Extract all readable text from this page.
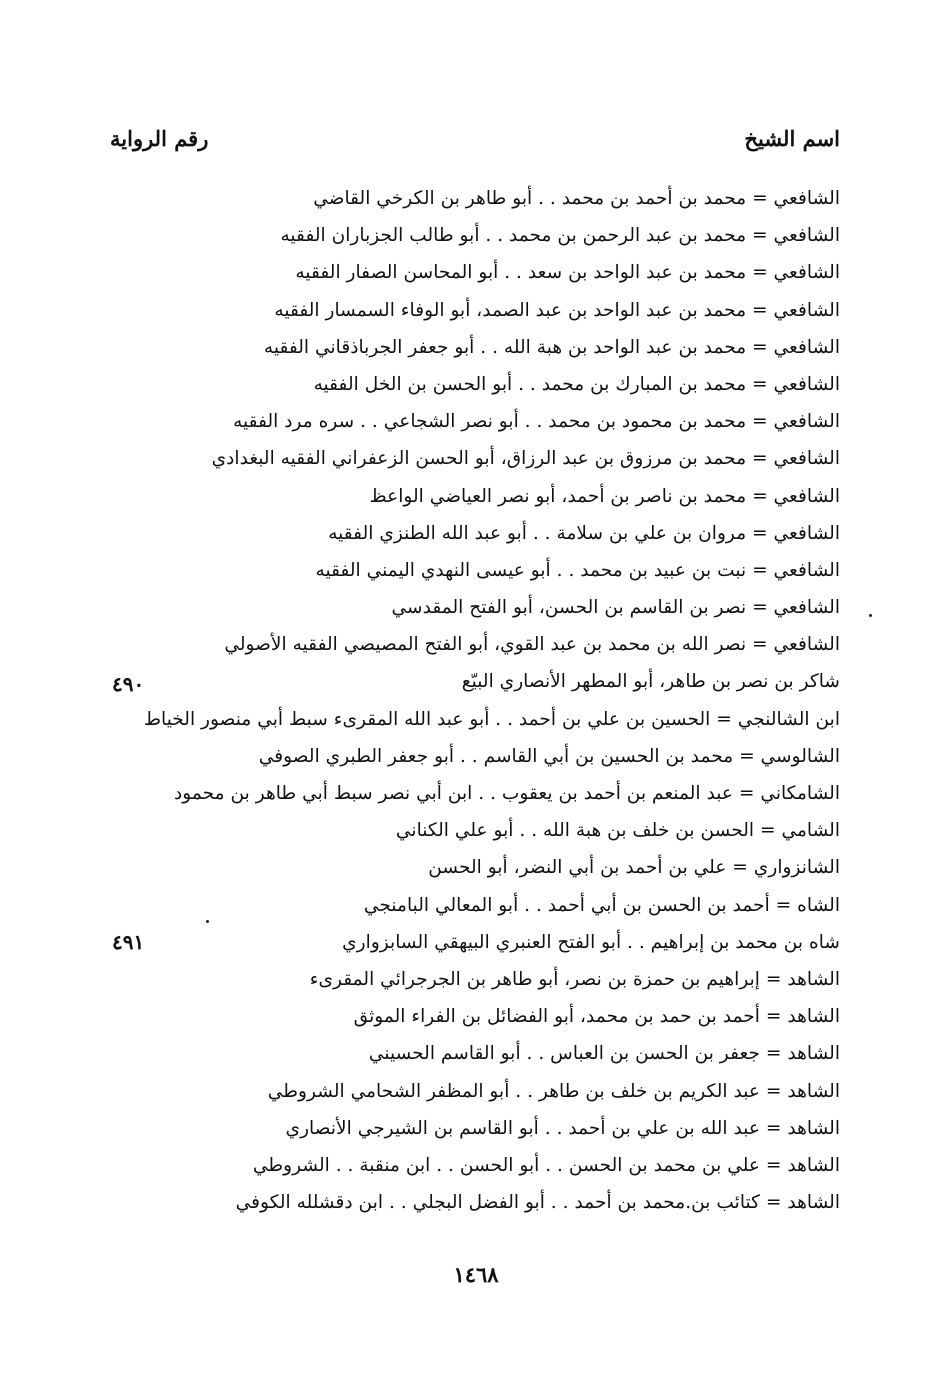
اسم الشيخ
رقم الرواية
الشافعي = محمد بن أحمد بن محمد . . أبو طاهر بن الكرخي القاضي
الشافعي = محمد بن عبد الرحمن بن محمد . . أبو طالب الجزباران الفقيه
الشافعي = محمد بن عبد الواحد بن سعد . . أبو المحاسن الصفار الفقيه
الشافعي = محمد بن عبد الواحد بن عبد الصمد، أبو الوفاء السمسار الفقيه
الشافعي = محمد بن عبد الواحد بن هبة الله . . أبو جعفر الجرباذقاني الفقيه
الشافعي = محمد بن المبارك بن محمد . . أبو الحسن بن الخل الفقيه
الشافعي = محمد بن محمود بن محمد . . أبو نصر الشجاعي . . سره مرد الفقيه
الشافعي = محمد بن مرزوق بن عبد الرزاق، أبو الحسن الزعفراني الفقيه البغدادي
الشافعي = محمد بن ناصر بن أحمد، أبو نصر العياضي الواعظ
الشافعي = مروان بن علي بن سلامة . . أبو عبد الله الطنزي الفقيه
الشافعي = نبت بن عبيد بن محمد . . أبو عيسى النهدي اليمني الفقيه
الشافعي = نصر بن القاسم بن الحسن، أبو الفتح المقدسي
الشافعي = نصر الله بن محمد بن عبد القوي، أبو الفتح المصيصي الفقيه الأصولي
شاكر بن نصر بن طاهر، أبو المطهر الأنصاري البيّع
ابن الشالنجي = الحسين بن علي بن أحمد . . أبو عبد الله المقرىء سبط أبي منصور الخياط
الشالوسي = محمد بن الحسين بن أبي القاسم . . أبو جعفر الطبري الصوفي
الشامكاني = عبد المنعم بن أحمد بن يعقوب . . ابن أبي نصر سبط أبي طاهر بن محمود
الشامي = الحسن بن خلف بن هبة الله . . أبو علي الكناني
الشانزواري = علي بن أحمد بن أبي النضر، أبو الحسن
الشاه = أحمد بن الحسن بن أبي أحمد . . أبو المعالي البامنجي
شاه بن محمد بن إبراهيم . . أبو الفتح العنبري البيهقي السابزواري
الشاهد = إبراهيم بن حمزة بن نصر، أبو طاهر بن الجرجرائي المقرىء
الشاهد = أحمد بن حمد بن محمد، أبو الفضائل بن الفراء الموثق
الشاهد = جعفر بن الحسن بن العباس . . أبو القاسم الحسيني
الشاهد = عبد الكريم بن خلف بن طاهر . . أبو المظفر الشحامي الشروطي
الشاهد = عبد الله بن علي بن أحمد . . أبو القاسم بن الشيرجي الأنصاري
الشاهد = علي بن محمد بن الحسن . . أبو الحسن . . ابن منقبة . . الشروطي
الشاهد = كتائب بن.محمد بن أحمد . . أبو الفضل البجلي . . ابن دقشلله الكوفي
٤٩٠
٤٩١
١٤٦٨
